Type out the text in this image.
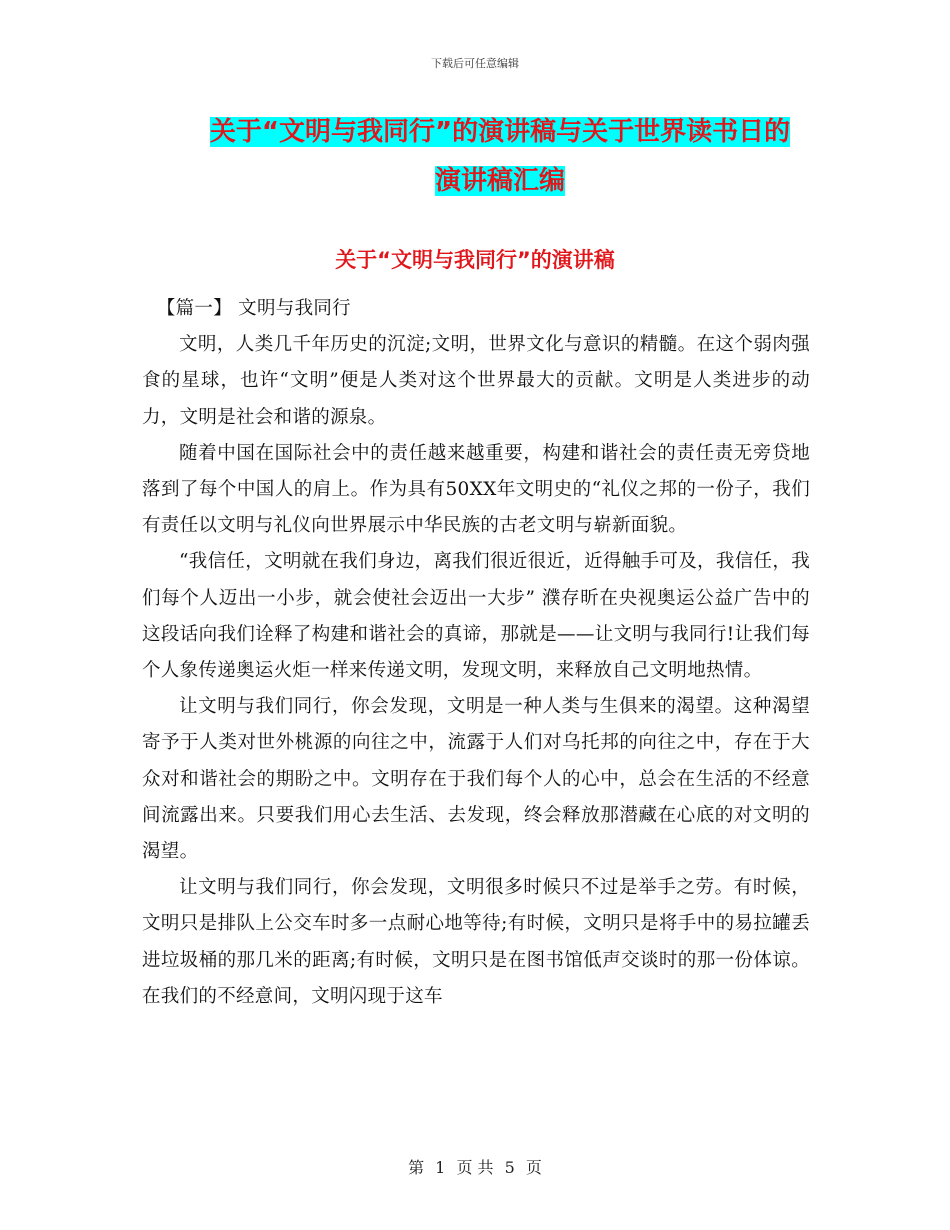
下载后可任意编辑
关于“文明与我同行”的演讲稿与关于世界读书日的
演讲稿汇编
关于“文明与我同行”的演讲稿

【篇一】 文明与我同行

文明，人类几千年历史的沉淀;文明，世界文化与意识的精髓。在这个弱肉强食的星球，也许“文明”便是人类对这个世界最大的贡献。文明是人类进步的动力，文明是社会和谐的源泉。

随着中国在国际社会中的责任越来越重要，构建和谐社会的责任责无旁贷地落到了每个中国人的肩上。作为具有50XX年文明史的“礼仪之邦的一份子，我们有责任以文明与礼仪向世界展示中华民族的古老文明与崭新面貌。

“我信任，文明就在我们身边，离我们很近很近，近得触手可及，我信任，我们每个人迈出一小步，就会使社会迈出一大步” 濮存昕在央视奥运公益广告中的这段话向我们诠释了构建和谐社会的真谛，那就是——让文明与我同行!让我们每个人象传递奥运火炬一样来传递文明，发现文明，来释放自己文明地热情。

让文明与我们同行，你会发现，文明是一种人类与生俱来的渴望。这种渴望寄予于人类对世外桃源的向往之中，流露于人们对乌托邦的向往之中，存在于大众对和谐社会的期盼之中。文明存在于我们每个人的心中，总会在生活的不经意间流露出来。只要我们用心去生活、去发现，终会释放那潜藏在心底的对文明的渴望。

让文明与我们同行，你会发现，文明很多时候只不过是举手之劳。有时候，文明只是排队上公交车时多一点耐心地等待;有时候，文明只是将手中的易拉罐丢进垃圾桶的那几米的距离;有时候，文明只是在图书馆低声交谈时的那一份体谅。在我们的不经意间，文明闪现于这车

第 1 页 共 5 页
